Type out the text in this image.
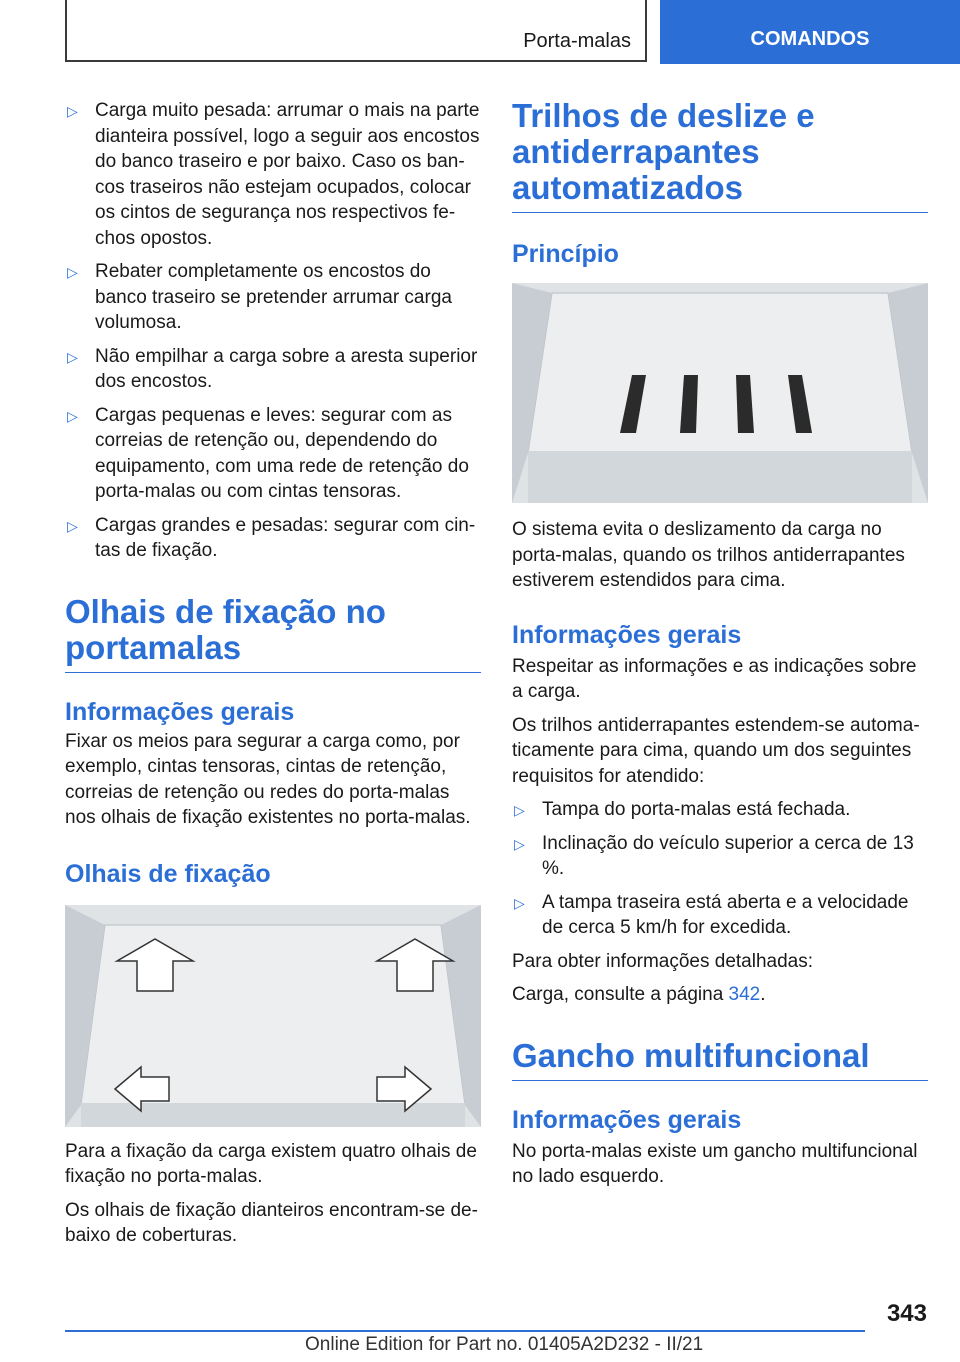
Porta-malas	COMANDOS
▷ Carga muito pesada: arrumar o mais na parte dianteira possível, logo a seguir aos encostos do banco traseiro e por baixo. Caso os bancos traseiros não estejam ocupados, colocar os cintos de segurança nos respectivos fechos opostos.
▷ Rebater completamente os encostos do banco traseiro se pretender arrumar carga volumosa.
▷ Não empilhar a carga sobre a aresta superior dos encostos.
▷ Cargas pequenas e leves: segurar com as correias de retenção ou, dependendo do equipamento, com uma rede de retenção do porta-malas ou com cintas tensoras.
▷ Cargas grandes e pesadas: segurar com cintas de fixação.
Olhais de fixação no portamalas
Informações gerais

Fixar os meios para segurar a carga como, por exemplo, cintas tensoras, cintas de retenção, correias de retenção ou redes do porta-malas nos olhais de fixação existentes no porta-malas.

Olhais de fixação

Para a fixação da carga existem quatro olhais de fixação no porta-malas.

Os olhais de fixação dianteiros encontram-se debaixo de coberturas.

Trilhos de deslize e antiderrapantes automatizados
Princípio

O sistema evita o deslizamento da carga no porta-malas, quando os trilhos antiderrapantes estiverem estendidos para cima.

Informações gerais

Respeitar as informações e as indicações sobre a carga.

Os trilhos antiderrapantes estendem-se automaticamente para cima, quando um dos seguintes requisitos for atendido:

▷ Tampa do porta-malas está fechada.
▷ Inclinação do veículo superior a cerca de 13 %.
▷ A tampa traseira está aberta e a velocidade de cerca 5 km/h for excedida.

Para obter informações detalhadas:

Carga, consulte a página 342.

Gancho multifuncional
Informações gerais

No porta-malas existe um gancho multifuncional no lado esquerdo.

343
Online Edition for Part no. 01405A2D232 - II/21
